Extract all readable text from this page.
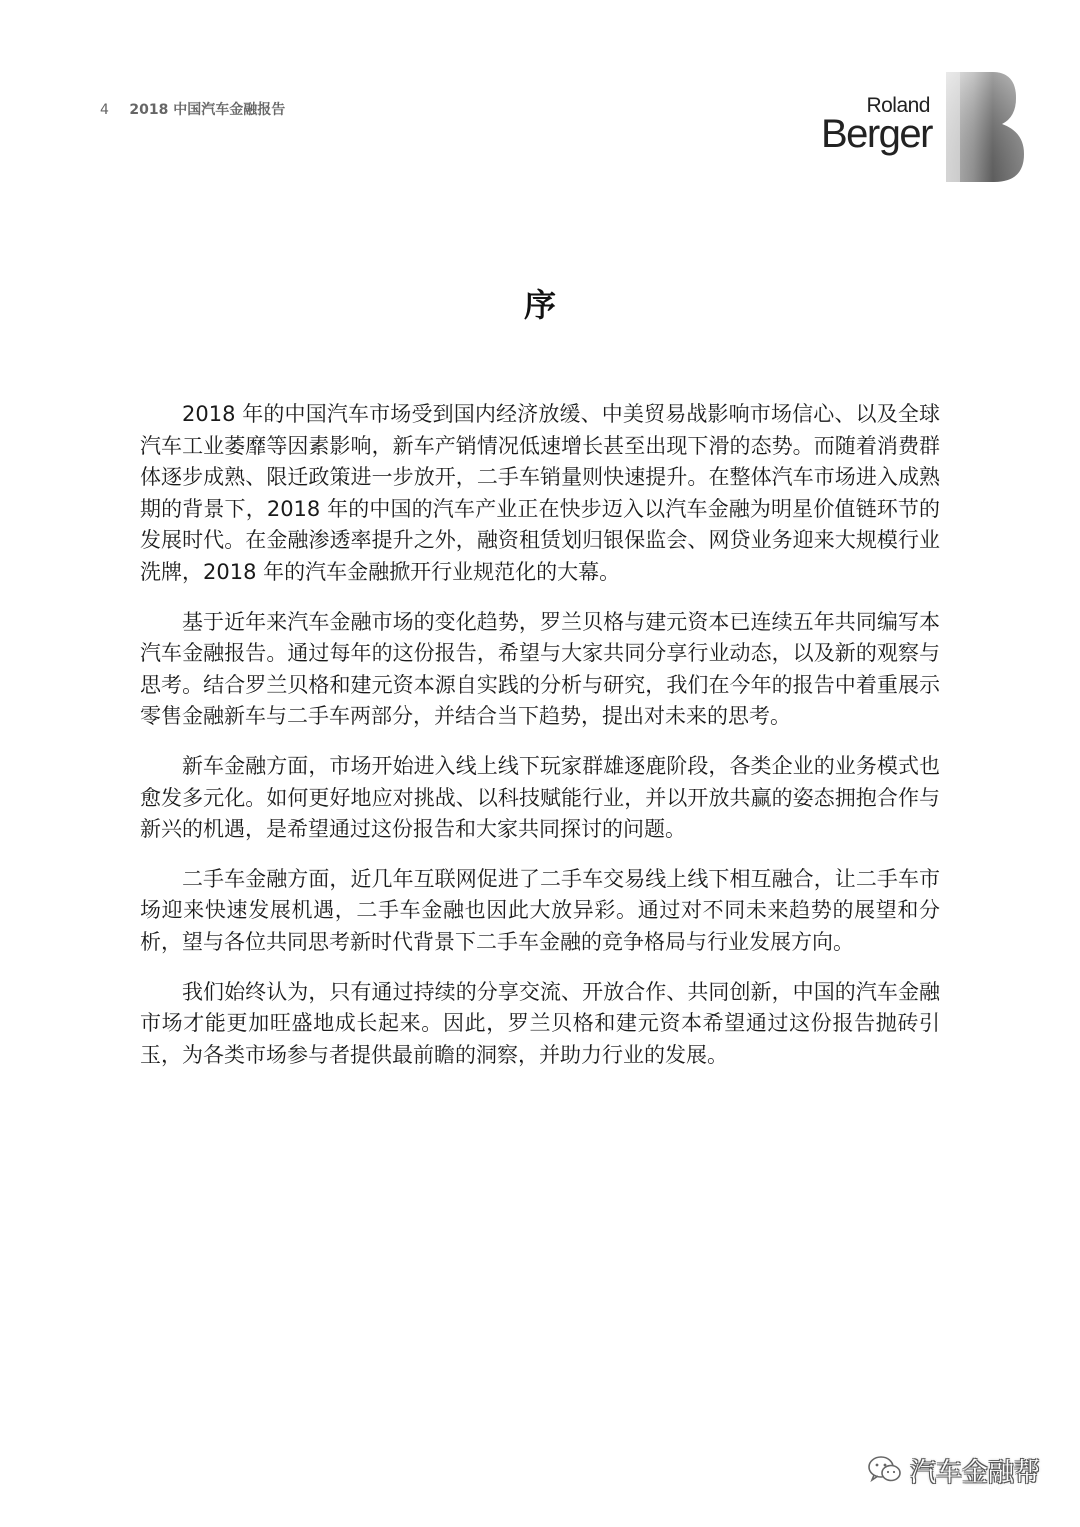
4 2018 中国汽车金融报告	Roland
Berger
序

2018 年的中国汽车市场受到国内经济放缓、中美贸易战影响市场信心、以及全球汽车工业萎靡等因素影响，新车产销情况低速增长甚至出现下滑的态势。而随着消费群体逐步成熟、限迁政策进一步放开，二手车销量则快速提升。在整体汽车市场进入成熟期的背景下，2018 年的中国的汽车产业正在快步迈入以汽车金融为明星价值链环节的发展时代。在金融渗透率提升之外，融资租赁划归银保监会、网贷业务迎来大规模行业洗牌，2018 年的汽车金融掀开行业规范化的大幕。

基于近年来汽车金融市场的变化趋势，罗兰贝格与建元资本已连续五年共同编写本汽车金融报告。通过每年的这份报告，希望与大家共同分享行业动态，以及新的观察与思考。结合罗兰贝格和建元资本源自实践的分析与研究，我们在今年的报告中着重展示零售金融新车与二手车两部分，并结合当下趋势，提出对未来的思考。

新车金融方面，市场开始进入线上线下玩家群雄逐鹿阶段，各类企业的业务模式也愈发多元化。如何更好地应对挑战、以科技赋能行业，并以开放共赢的姿态拥抱合作与新兴的机遇，是希望通过这份报告和大家共同探讨的问题。

二手车金融方面，近几年互联网促进了二手车交易线上线下相互融合，让二手车市场迎来快速发展机遇，二手车金融也因此大放异彩。通过对不同未来趋势的展望和分析，望与各位共同思考新时代背景下二手车金融的竞争格局与行业发展方向。

我们始终认为，只有通过持续的分享交流、开放合作、共同创新，中国的汽车金融市场才能更加旺盛地成长起来。因此，罗兰贝格和建元资本希望通过这份报告抛砖引玉，为各类市场参与者提供最前瞻的洞察，并助力行业的发展。

汽车金融帮
